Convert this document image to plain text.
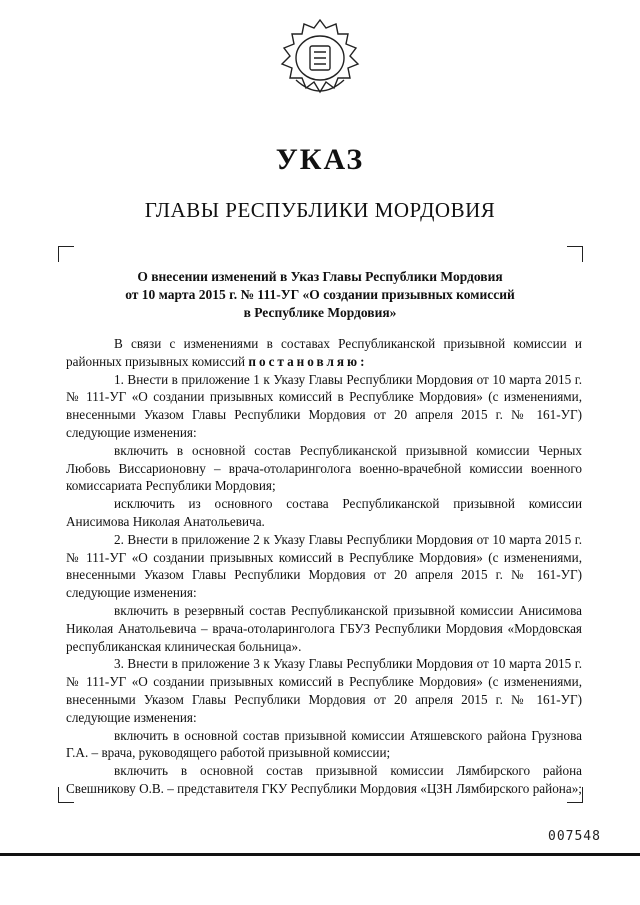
УКАЗ
ГЛАВЫ РЕСПУБЛИКИ МОРДОВИЯ
О внесении изменений в Указ Главы Республики Мордовия
от 10 марта 2015 г. № 111-УГ «О создании призывных комиссий
в Республике Мордовия»

В связи с изменениями в составах Республиканской призывной комиссии и районных призывных комиссий постановляю:

1. Внести в приложение 1 к Указу Главы Республики Мордовия от 10 марта 2015 г. № 111-УГ «О создании призывных комиссий в Республике Мордовия» (с изменениями, внесенными Указом Главы Республики Мордовия от 20 апреля 2015 г. № 161-УГ) следующие изменения:

включить в основной состав Республиканской призывной комиссии Черных Любовь Виссарионовну – врача-отоларинголога военно-врачебной комиссии военного комиссариата Республики Мордовия;

исключить из основного состава Республиканской призывной комиссии Анисимова Николая Анатольевича.

2. Внести в приложение 2 к Указу Главы Республики Мордовия от 10 марта 2015 г. № 111-УГ «О создании призывных комиссий в Республике Мордовия» (с изменениями, внесенными Указом Главы Республики Мордовия от 20 апреля 2015 г. № 161-УГ) следующие изменения:

включить в резервный состав Республиканской призывной комиссии Анисимова Николая Анатольевича – врача-отоларинголога ГБУЗ Республики Мордовия «Мордовская республиканская клиническая больница».

3. Внести в приложение 3 к Указу Главы Республики Мордовия от 10 марта 2015 г. № 111-УГ «О создании призывных комиссий в Республике Мордовия» (с изменениями, внесенными Указом Главы Республики Мордовия от 20 апреля 2015 г. № 161-УГ) следующие изменения:

включить в основной состав призывной комиссии Атяшевского района Грузнова Г.А. – врача, руководящего работой призывной комиссии;

включить в основной состав призывной комиссии Лямбирского района Свешникову О.В. – представителя ГКУ Республики Мордовия «ЦЗН Лямбирского района»;

007548
